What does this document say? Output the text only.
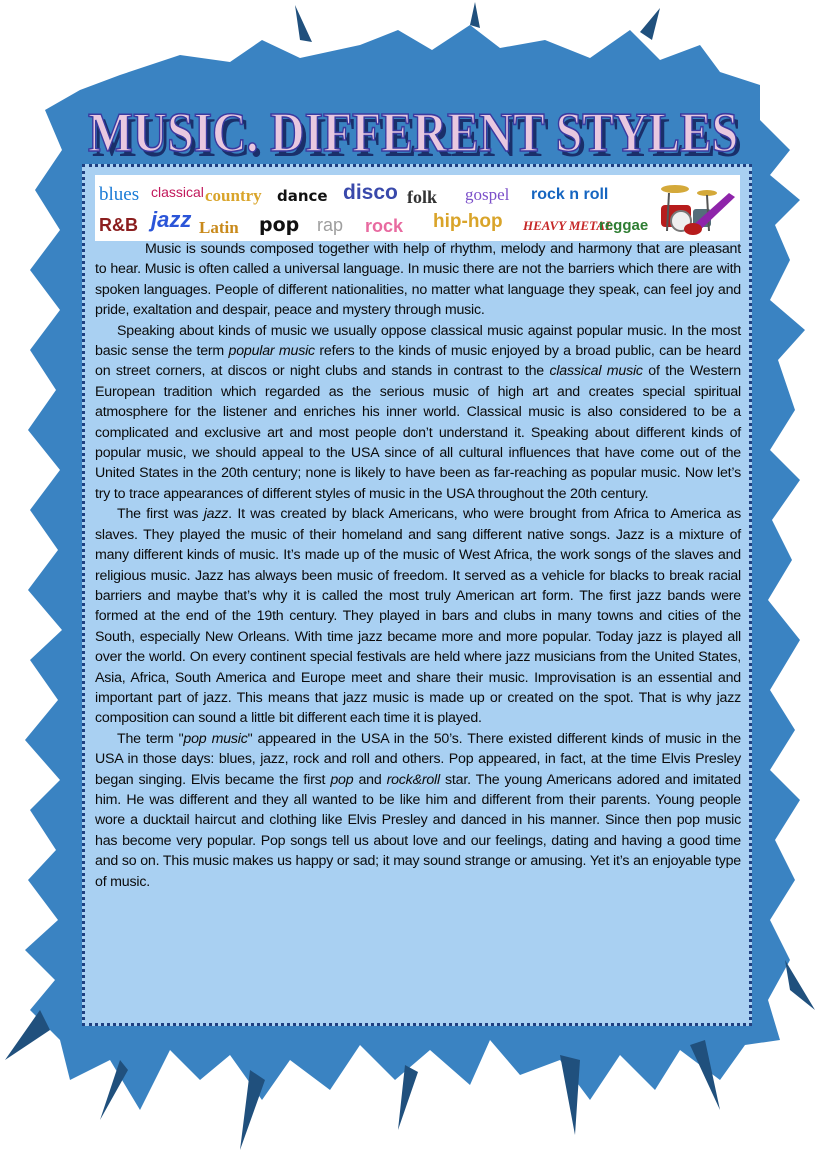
MUSIC. DIFFERENT STYLES
MUSIC. DIFFERENT STYLES
blues classical country dance disco folk gospel rock n roll
R&B jazz Latin pop rap rock hip-hop HEAVY METAL
reggae

Music is sounds composed together with help of rhythm, melody and harmony that are pleasant to hear. Music is often called a universal language. In music there are not the barriers which there are with spoken languages. People of different nationalities, no matter what language they speak, can feel joy and pride, exaltation and despair, peace and mystery through music.

Speaking about kinds of music we usually oppose classical music against popular music. In the most basic sense the term popular music refers to the kinds of music enjoyed by a broad public, can be heard on street corners, at discos or night clubs and stands in contrast to the classical music of the Western European tradition which regarded as the serious music of high art and creates special spiritual atmosphere for the listener and enriches his inner world. Classical music is also considered to be a complicated and exclusive art and most people don’t understand it. Speaking about different kinds of popular music, we should appeal to the USA since of all cultural influences that have come out of the United States in the 20th century; none is likely to have been as far-reaching as popular music. Now let’s try to trace appearances of different styles of music in the USA throughout the 20th century.

The first was jazz. It was created by black Americans, who were brought from Africa to America as slaves. They played the music of their homeland and sang different native songs. Jazz is a mixture of many different kinds of music. It’s made up of the music of West Africa, the work songs of the slaves and religious music. Jazz has always been music of freedom. It served as a vehicle for blacks to break racial barriers and maybe that’s why it is called the most truly American art form. The first jazz bands were formed at the end of the 19th century. They played in bars and clubs in many towns and cities of the South, especially New Orleans. With time jazz became more and more popular. Today jazz is played all over the world. On every continent special festivals are held where jazz musicians from the United States, Asia, Africa, South America and Europe meet and share their music. Improvisation is an essential and important part of jazz. This means that jazz music is made up or created on the spot. That is why jazz composition can sound a little bit different each time it is played.

The term "pop music" appeared in the USA in the 50’s. There existed different kinds of music in the USA in those days: blues, jazz, rock and roll and others. Pop appeared, in fact, at the time Elvis Presley began singing. Elvis became the first pop and rock&roll star. The young Americans adored and imitated him. He was different and they all wanted to be like him and different from their parents. Young people wore a ducktail haircut and clothing like Elvis Presley and danced in his manner. Since then pop music has become very popular. Pop songs tell us about love and our feelings, dating and having a good time and so on. This music makes us happy or sad; it may sound strange or amusing. Yet it’s an enjoyable type of music.
